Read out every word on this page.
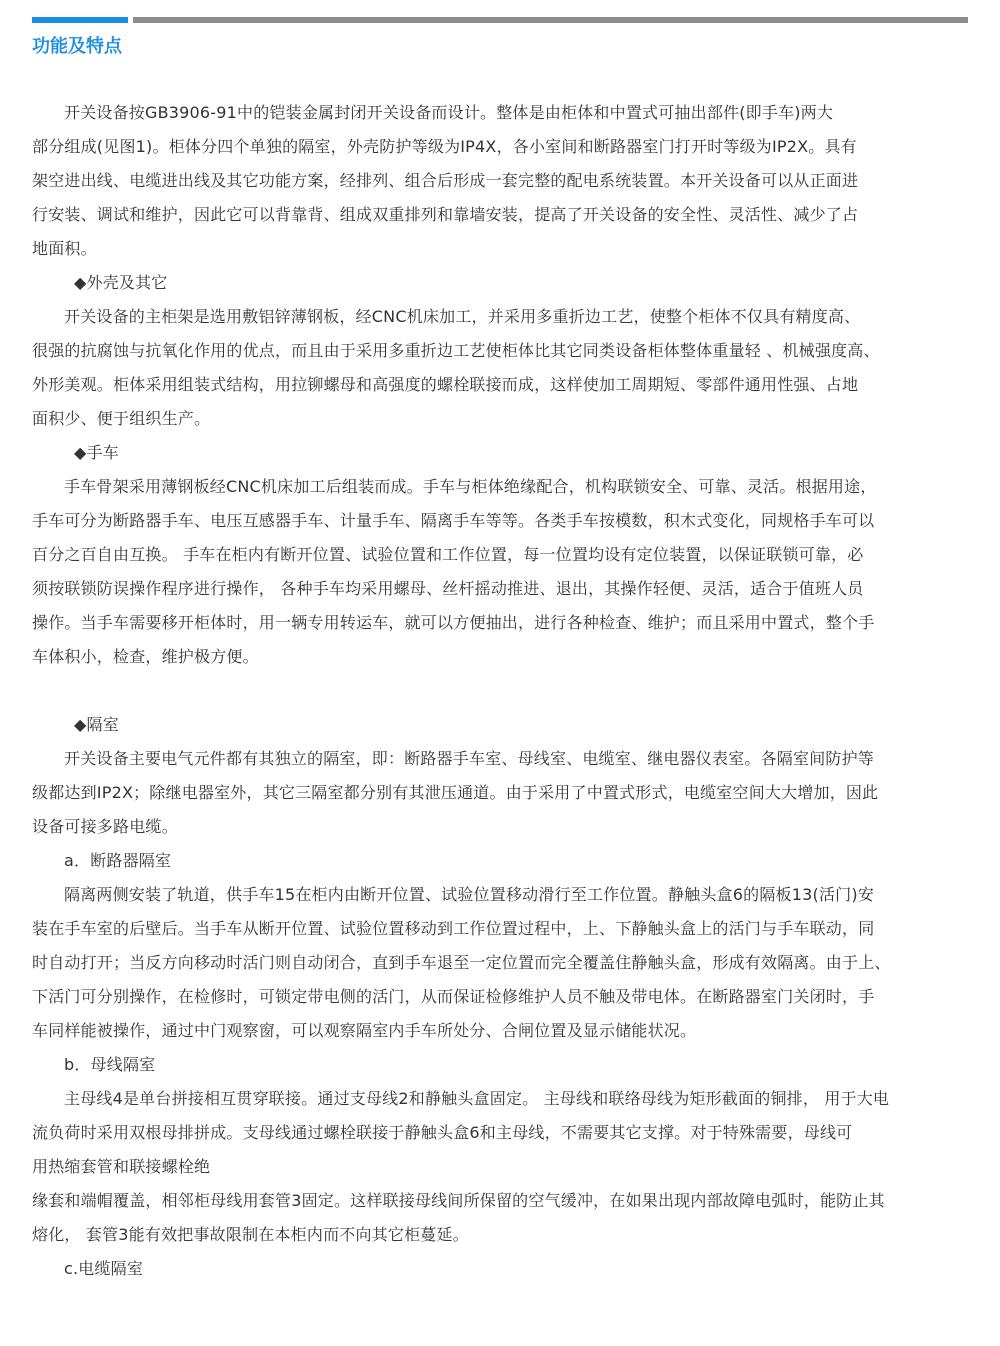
功能及特点

开关设备按GB3906-91中的铠装金属封闭开关设备而设计。整体是由柜体和中置式可抽出部件(即手车)两大

部分组成(见图1)。柜体分四个单独的隔室，外壳防护等级为IP4X，各小室间和断路器室门打开时等级为IP2X。具有

架空进出线、电缆进出线及其它功能方案，经排列、组合后形成一套完整的配电系统装置。本开关设备可以从正面进

行安装、调试和维护，因此它可以背靠背、组成双重排列和靠墙安装，提高了开关设备的安全性、灵活性、减少了占

地面积。

◆外壳及其它

开关设备的主柜架是选用敷铝锌薄钢板，经CNC机床加工，并采用多重折边工艺，使整个柜体不仅具有精度高、

很强的抗腐蚀与抗氧化作用的优点，而且由于采用多重折边工艺使柜体比其它同类设备柜体整体重量轻 、机械强度高、

外形美观。柜体采用组装式结构，用拉铆螺母和高强度的螺栓联接而成，这样使加工周期短、零部件通用性强、占地

面积少、便于组织生产。

◆手车

手车骨架采用薄钢板经CNC机床加工后组装而成。手车与柜体绝缘配合，机构联锁安全、可靠、灵活。根据用途，

手车可分为断路器手车、电压互感器手车、计量手车、隔离手车等等。各类手车按模数，积木式变化，同规格手车可以

百分之百自由互换。 手车在柜内有断开位置、试验位置和工作位置，每一位置均设有定位装置，以保证联锁可靠，必

须按联锁防误操作程序进行操作， 各种手车均采用螺母、丝杆摇动推进、退出，其操作轻便、灵活，适合于值班人员

操作。当手车需要移开柜体时，用一辆专用转运车，就可以方便抽出，进行各种检查、维护；而且采用中置式，整个手

车体积小，检查，维护极方便。

◆隔室

开关设备主要电气元件都有其独立的隔室，即：断路器手车室、母线室、电缆室、继电器仪表室。各隔室间防护等

级都达到IP2X；除继电器室外，其它三隔室都分别有其泄压通道。由于采用了中置式形式，电缆室空间大大增加，因此

设备可接多路电缆。

a．断路器隔室

隔离两侧安装了轨道，供手车15在柜内由断开位置、试验位置移动滑行至工作位置。静触头盒6的隔板13(活门)安

装在手车室的后壁后。当手车从断开位置、试验位置移动到工作位置过程中，上、下静触头盒上的活门与手车联动，同

时自动打开；当反方向移动时活门则自动闭合，直到手车退至一定位置而完全覆盖住静触头盒，形成有效隔离。由于上、

下活门可分别操作，在检修时，可锁定带电侧的活门，从而保证检修维护人员不触及带电体。在断路器室门关闭时，手

车同样能被操作，通过中门观察窗，可以观察隔室内手车所处分、合闸位置及显示储能状况。

b．母线隔室

主母线4是单台拼接相互贯穿联接。通过支母线2和静触头盒固定。 主母线和联络母线为矩形截面的铜排， 用于大电

流负荷时采用双根母排拼成。支母线通过螺栓联接于静触头盒6和主母线，不需要其它支撑。对于特殊需要，母线可

用热缩套管和联接螺栓绝

缘套和端帽覆盖，相邻柜母线用套管3固定。这样联接母线间所保留的空气缓冲，在如果出现内部故障电弧时，能防止其

熔化， 套管3能有效把事故限制在本柜内而不向其它柜蔓延。

c.电缆隔室
